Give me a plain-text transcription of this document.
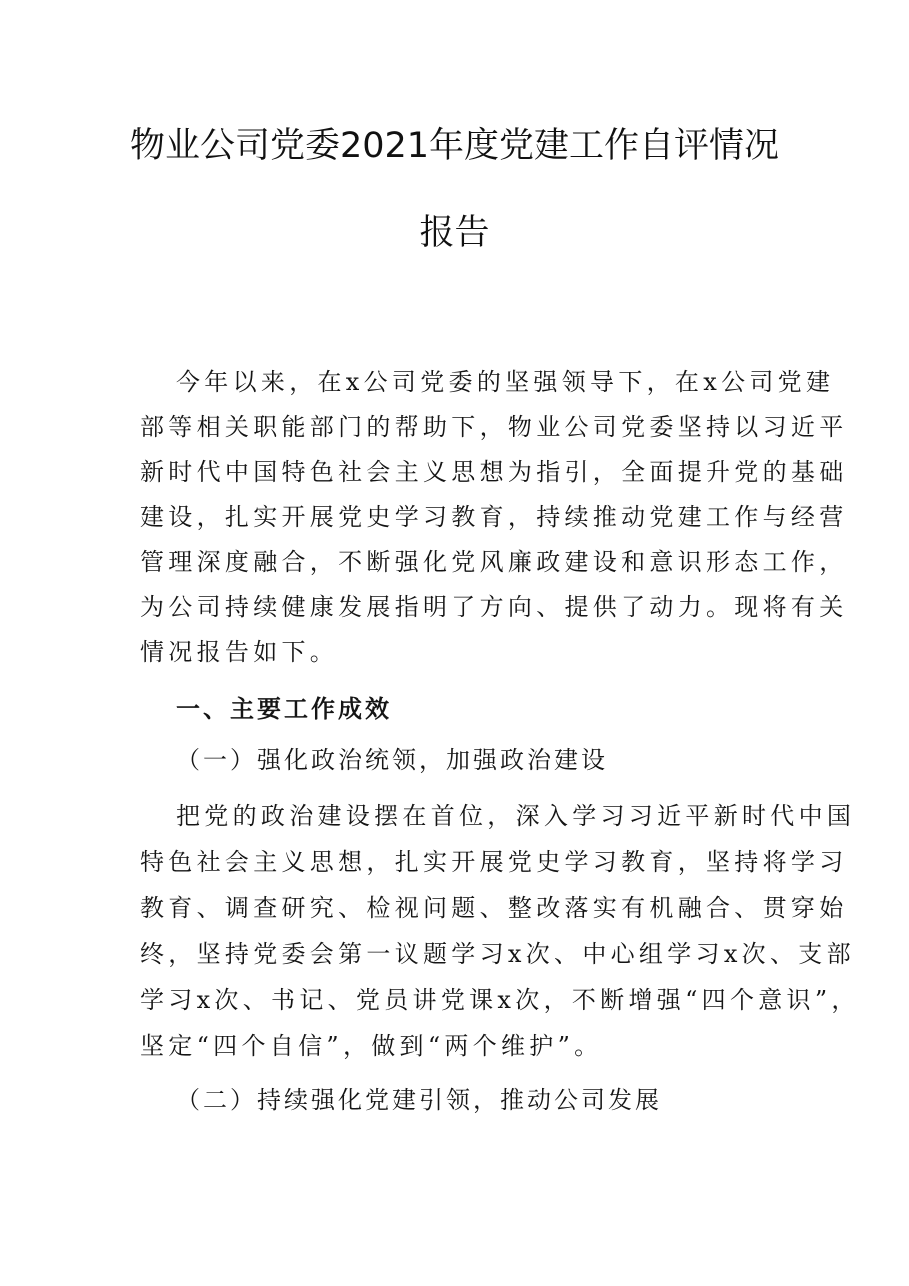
物业公司党委2021年度党建工作自评情况
报告
今年以来，在x公司党委的坚强领导下，在x公司党建
部等相关职能部门的帮助下，物业公司党委坚持以习近平
新时代中国特色社会主义思想为指引，全面提升党的基础
建设，扎实开展党史学习教育，持续推动党建工作与经营
管理深度融合，不断强化党风廉政建设和意识形态工作，
为公司持续健康发展指明了方向、提供了动力。现将有关
情况报告如下。
一、主要工作成效
（一）强化政治统领，加强政治建设
把党的政治建设摆在首位，深入学习习近平新时代中国
特色社会主义思想，扎实开展党史学习教育，坚持将学习
教育、调查研究、检视问题、整改落实有机融合、贯穿始
终，坚持党委会第一议题学习x次、中心组学习x次、支部
学习x次、书记、党员讲党课x次，不断增强“四个意识”，
坚定“四个自信”，做到“两个维护”。
（二）持续强化党建引领，推动公司发展
